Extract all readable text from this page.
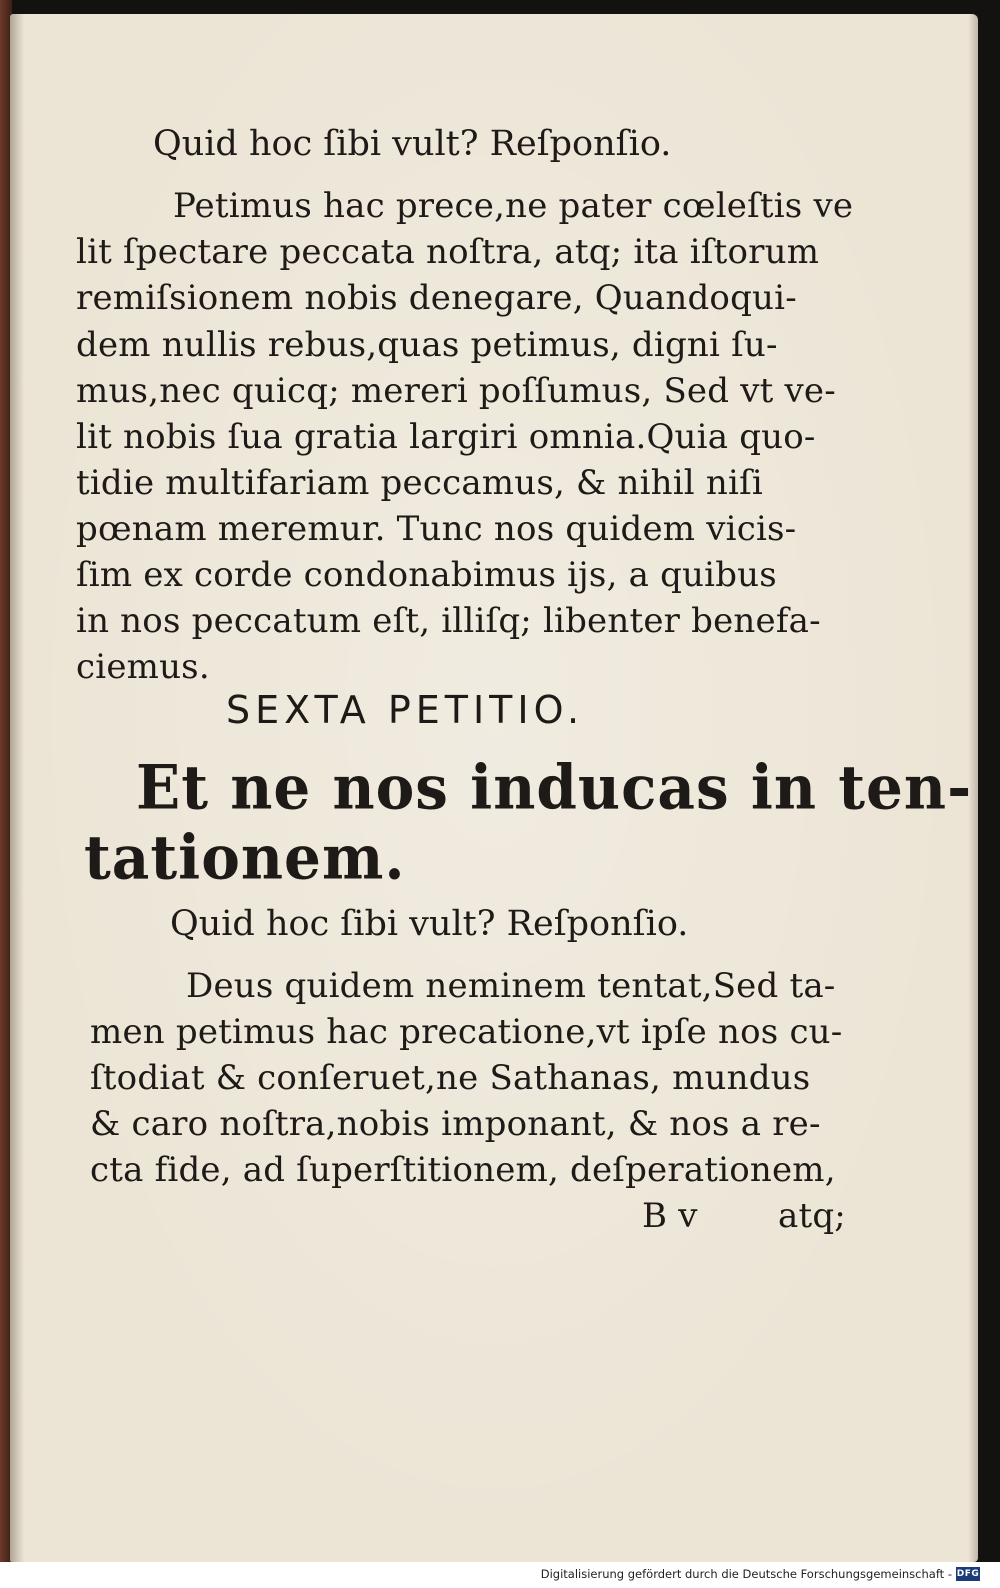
Quid hoc ſibi vult? Reſponſio.

Petimus hac prece,ne pater cœleſtis ve

lit ſpectare peccata noſtra, atq; ita iſtorum

remiſsionem nobis denegare, Quandoqui-

dem nullis rebus,quas petimus, digni ſu-

mus,nec quicq; mereri poſſumus, Sed vt ve-

lit nobis ſua gratia largiri omnia.Quia quo-

tidie multifariam peccamus, & nihil niſi

pœnam meremur. Tunc nos quidem vicis-

ſim ex corde condonabimus ijs, a quibus

in nos peccatum eſt, illiſq; libenter benefa-

ciemus.

SEXTA PETITIO.

Et ne nos inducas in ten-

tationem.

Quid hoc ſibi vult? Reſponſio.

Deus quidem neminem tentat,Sed ta-

men petimus hac precatione,vt ipſe nos cu-

ſtodiat & conſeruet,ne Sathanas, mundus

& caro noſtra,nobis imponant, & nos a re-

cta fide, ad ſuperſtitionem, deſperationem,

B v atq;

Digitalisierung gefördert durch die Deutsche Forschungsgemeinschaft - DFG
